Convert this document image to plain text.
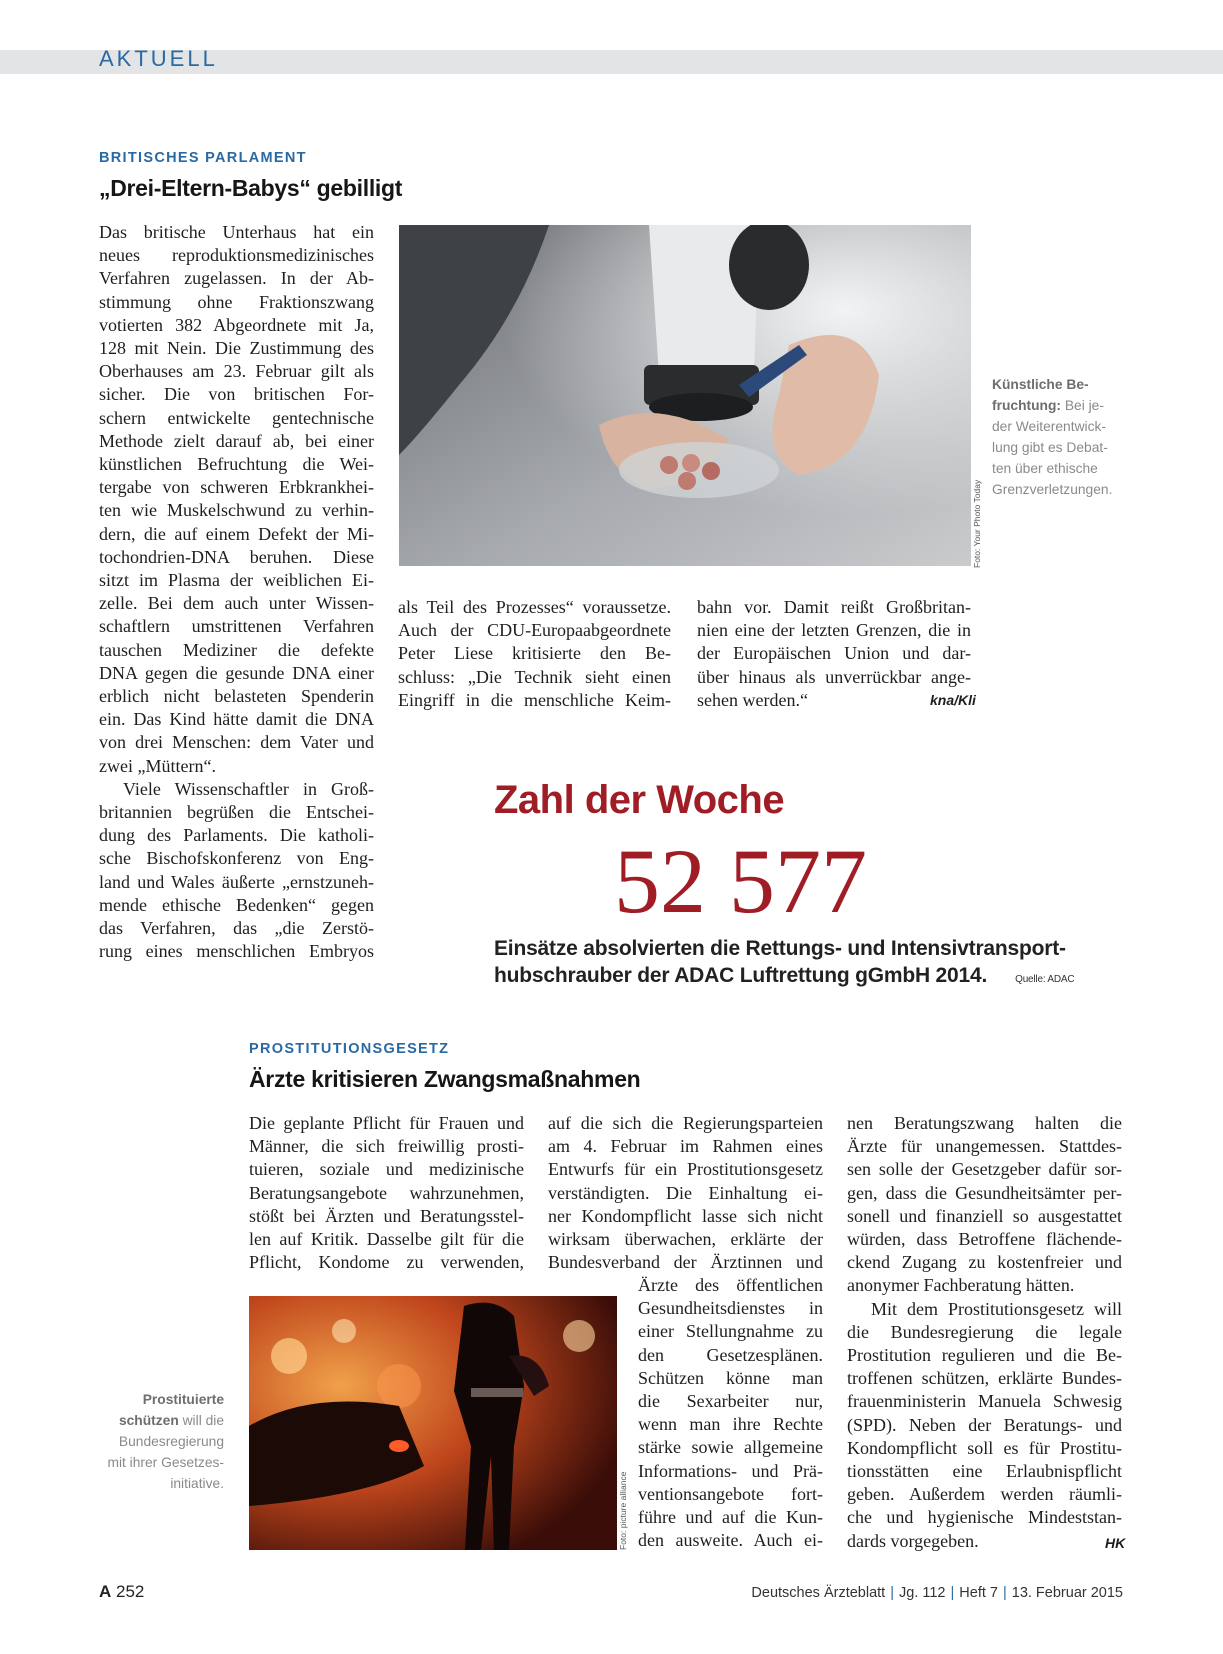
AKTUELL
BRITISCHES PARLAMENT
„Drei-Eltern-Babys“ gebilligt

Das britische Unterhaus hat ein

neues reproduktionsmedizinisches

Verfahren zugelassen. In der Ab-

stimmung ohne Fraktionszwang

votierten 382 Abgeordnete mit Ja,

128 mit Nein. Die Zustimmung des

Oberhauses am 23. Februar gilt als

sicher. Die von britischen For-

schern entwickelte gentechnische

Methode zielt darauf ab, bei einer

künstlichen Befruchtung die Wei-

tergabe von schweren Erbkrankhei-

ten wie Muskelschwund zu verhin-

dern, die auf einem Defekt der Mi-

tochondrien-DNA beruhen. Diese

sitzt im Plasma der weiblichen Ei-

zelle. Bei dem auch unter Wissen-

schaftlern umstrittenen Verfahren

tauschen Mediziner die defekte

DNA gegen die gesunde DNA einer

erblich nicht belasteten Spenderin

ein. Das Kind hätte damit die DNA

von drei Menschen: dem Vater und

zwei „Müttern“.

Viele Wissenschaftler in Groß-

britannien begrüßen die Entschei-

dung des Parlaments. Die katholi-

sche Bischofskonferenz von Eng-

land und Wales äußerte „ernstzuneh-

mende ethische Bedenken“ gegen

das Verfahren, das „die Zerstö-

rung eines menschlichen Embryos

Foto: Your Photo Today
Künstliche Be-
fruchtung: Bei je-
der Weiterentwick-
lung gibt es Debat-
ten über ethische
Grenzverletzungen.

als Teil des Prozesses“ voraussetze.

Auch der CDU-Europaabgeordnete

Peter Liese kritisierte den Be-

schluss: „Die Technik sieht einen

Eingriff in die menschliche Keim-

bahn vor. Damit reißt Großbritan-

nien eine der letzten Grenzen, die in

der Europäischen Union und dar-

über hinaus als unverrückbar ange-

sehen werden.“	kna/Kli
Zahl der Woche
52 577
Einsätze absolvierten die Rettungs- und Intensivtransport-
hubschrauber der ADAC Luftrettung gGmbH 2014.	Quelle: ADAC
PROSTITUTIONSGESETZ
Ärzte kritisieren Zwangsmaßnahmen

Die geplante Pflicht für Frauen und

Männer, die sich freiwillig prosti-

tuieren, soziale und medizinische

Beratungsangebote wahrzunehmen,

stößt bei Ärzten und Beratungsstel-

len auf Kritik. Dasselbe gilt für die

Pflicht, Kondome zu verwenden,

auf die sich die Regierungsparteien

am 4. Februar im Rahmen eines

Entwurfs für ein Prostitutionsgesetz

verständigten. Die Einhaltung ei-

ner Kondompflicht lasse sich nicht

wirksam überwachen, erklärte der

Bundesverband der Ärztinnen und

Ärzte des öffentlichen

Gesundheitsdienstes in

einer Stellungnahme zu

den Gesetzesplänen.

Schützen könne man

die Sexarbeiter nur,

wenn man ihre Rechte

stärke sowie allgemeine

Informations- und Prä-

ventionsangebote fort-

führe und auf die Kun-

den ausweite. Auch ei-

nen Beratungszwang halten die

Ärzte für unangemessen. Stattdes-

sen solle der Gesetzgeber dafür sor-

gen, dass die Gesundheitsämter per-

sonell und finanziell so ausgestattet

würden, dass Betroffene flächende-

ckend Zugang zu kostenfreier und

anonymer Fachberatung hätten.

Mit dem Prostitutionsgesetz will

die Bundesregierung die legale

Prostitution regulieren und die Be-

troffenen schützen, erklärte Bundes-

frauenministerin Manuela Schwesig

(SPD). Neben der Beratungs- und

Kondompflicht soll es für Prostitu-

tionsstätten eine Erlaubnispflicht

geben. Außerdem werden räumli-

che und hygienische Mindeststan-

dards vorgegeben.	HK
Foto: picture alliance
Prostituierte
schützen will die
Bundesregierung
mit ihrer Gesetzes-
initiative.
A 252	Deutsches Ärzteblatt | Jg. 112 | Heft 7 | 13. Februar 2015
